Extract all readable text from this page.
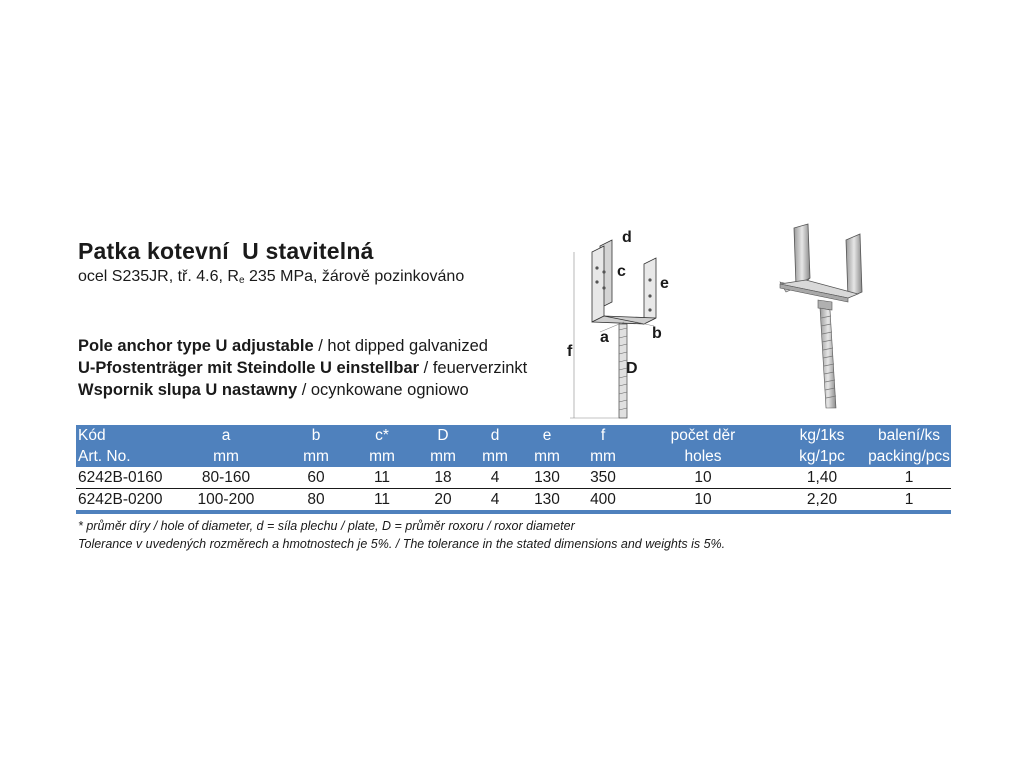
Patka kotevní  U stavitelná
ocel S235JR, tř. 4.6, $R_e$ 235 MPa, žárově pozinkováno
Pole anchor type U adjustable / hot dipped galvanized
U-Pfostenträger mit Steindolle U einstellbar / feuerverzinkt
Wspornik slupa U nastawny / ocynkowane ogniowo
d
c
e
a	b
f
D
Kód	a	b	c*	D	d	e	f	počet děr	kg/1ks	balení/ks
Art. No.	mm	mm	mm	mm	mm	mm	mm	holes	kg/1pc	packing/pcs
6242B-0160	80-160	60	11	18	4	130	350	10	1,40	1
6242B-0200	100-200	80	11	20	4	130	400	10	2,20	1
* průměr díry / hole of diameter, d = síla plechu / plate, D = průměr roxoru / roxor diameter
Tolerance v uvedených rozměrech a hmotnostech je 5%. / The tolerance in the stated dimensions and weights is 5%.
